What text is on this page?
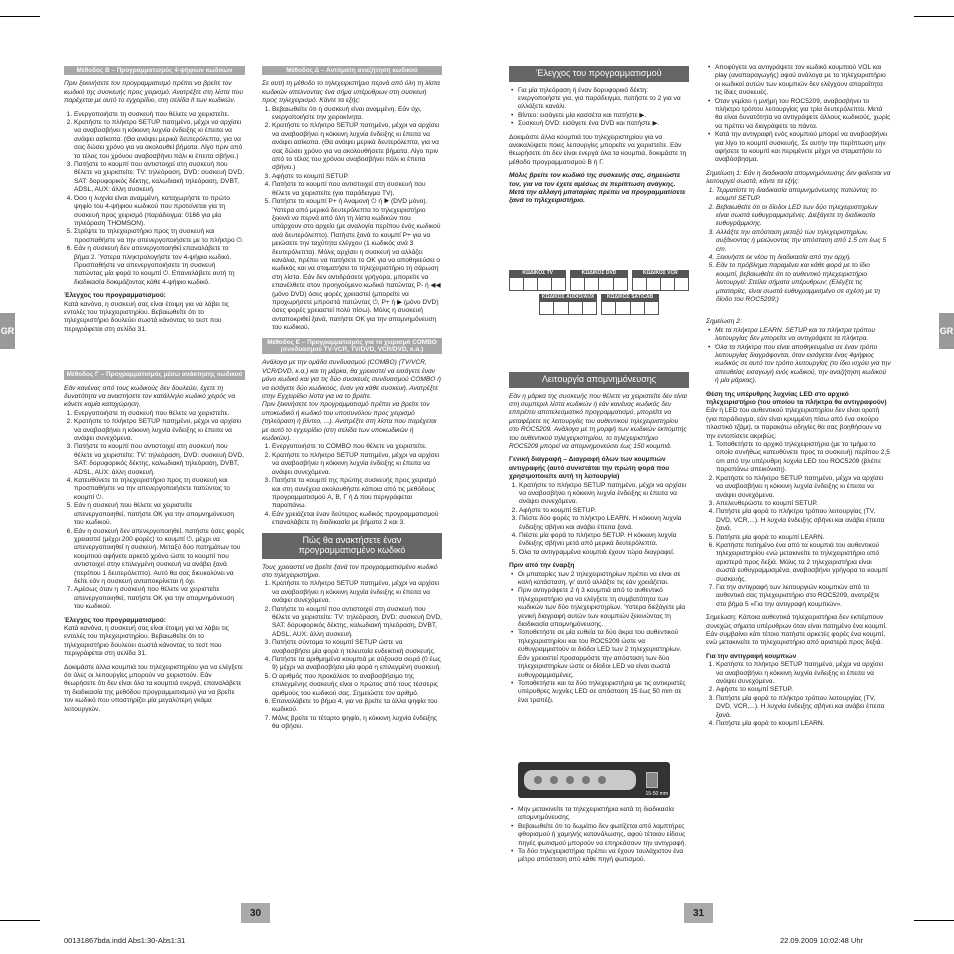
GR	GR
Μέθοδος Β – Προγραμματισμός 4-ψήφιων κωδικών

Πριν ξεκινήσετε τον προγραμματισμό πρέπει να βρείτε τον κωδικό της συσκευής προς χειρισμό. Ανατρέξτε στη λίστα που παρέχεται με αυτό το εγχειρίδιο, στη σελίδα Il των κωδικών.

1. Ενεργοποιήστε τη συσκευή που θέλετε να χειριστείτε.
2. Κρατήστε το πλήκτρο SETUP πατημένο, μέχρι να αρχίσει να αναβοσβήνει η κόκκινη λυχνία ένδειξης κι έπειτα να ανάψει ασίκοπα. (Θα ανάψει μερικά δευτερόλεπτα, για να σας δώσει χρόνο για να ακολουθεί βήματα. Λίγο πριν από το τέλος του χρόνου αναβοσβήνει πάλι κι έπειτα σβήνει.)
3. Πατήστε το κουμπί που αντιστοιχεί στη συσκευή που θέλετε να χειριστείτε: TV: τηλεόραση, DVD: συσκευή DVD, SAT: δορυφορικός δέκτης, καλωδιακή τηλεόραση, DVBT, ADSL, AUX: άλλη συσκευή.
4. Όσο η λυχνία είναι αναμμένη, καταχωρήστε το πρώτο ψηφίο του 4-ψήφιου κωδικού που προτείνεται για τη συσκευή προς χειρισμό (παράδειγμα: 0166 για μία τηλεόραση THOMSON).
5. Στρέψτε το τηλεχειριστήριο προς τη συσκευή και προσπαθήστε να την απενεργοποιήσετε με το πλήκτρο ⏻.
6. Εάν η συσκευή δεν απενεργοποιηθεί επαναλάβετε το βήμα 2. Ύστερα πληκτρολογήστε τον 4-ψήφιο κωδικό. Προσπαθήστε να απενεργοποιήσετε τη συσκευή πατώντας μία φορά το κουμπί ⏻. Επαναλάβετε αυτή τη διαδικασία δοκιμάζοντας κάθε 4-ψήφιο κωδικό.

Έλεγχος του προγραμματισμού:

Κατά κανόνα, η συσκευή σας είναι έτοιμη για να λάβει τις εντολές του τηλεχειριστηρίου. Βεβαιωθείτε ότι το τηλεχειριστήριο δουλεύει σωστά κάνοντας το τεστ που περιγράφεται στη σελίδα 31.

Μέθοδος Γ – Προγραμματισμός μέσω ανάκτησης κωδικού

Εάν κανένας από τους κωδικούς δεν δουλεύει, έχετε τη δυνατότητα να αναστήσετε τον κατάλληλο κωδικό χειρός να κάνετε καμία καταχώρηση.

1. Ενεργοποιήστε τη συσκευή που θέλετε να χειριστείτε.
2. Κρατήστε το πλήκτρο SETUP πατημένο, μέχρι να αρχίσει να αναβοσβήνει η κόκκινη λυχνία ένδειξης κι έπειτα να ανάψει συνεχόμενα.
3. Πατήστε το κουμπί που αντιστοιχεί στη συσκευή που θέλετε να χειριστείτε: TV: τηλεόραση, DVD: συσκευή DVD, SAT: δορυφορικός δέκτης, καλωδιακή τηλεόραση, DVBT, ADSL, AUX: άλλη συσκευή.
4. Κατευθύνετε το τηλεχειριστήριο προς τη συσκευή και προσπαθήστε να την απενεργοποιήσετε πατώντας το κουμπί ⏻.
5. Εάν η συσκευή που θέλετε να χειριστείτε απενεργοποιηθεί, πατήστε OK για την απομνημόνευση του κωδικού.
6. Εάν η συσκευή δεν απενεργοποιηθεί, πατήστε όσες φορές χρειαστεί (μέχρι 200 φορές) το κουμπί ⏻, μέχρι να απενεργοποιηθεί η συσκευή. Μεταξύ δύο πατημάτων του κουμπιού αφήνετε αρκετό χρόνο ώστε το κουμπί που αντιστοιχεί στην επιλεγμένη συσκευή να ανάβει ξανά (περίπου 1 δευτερόλεπτο). Αυτό θα σας διευκολύνει να δείτε εάν η συσκευή ανταποκρίνεται ή όχι.
7. Αμέσως όταν η συσκευή που θέλετε να χειριστείτε απενεργοποιηθεί, πατήστε OK για την απομνημόνευση του κωδικού.

Έλεγχος του προγραμματισμού:

Κατά κανόνα, η συσκευή σας είναι έτοιμη για να λάβει τις εντολές του τηλεχειριστηρίου. Βεβαιωθείτε ότι το τηλεχειριστήριο δουλεύει σωστά κάνοντας το τεστ που περιγράφεται στη σελίδα 31.

Δοκιμάστε άλλα κουμπιά του τηλεχειριστηρίου για να ελέγξετε ότι όλες οι λειτουργίες μπορούν να χειριστούν. Εάν θεωρήσετε ότι δεν είναι όλα τα κουμπιά ενεργά, επαναλάβετε τη διαδικασία της μεθόδου προγραμματισμού για να βρείτε τον κωδικό που υποστηρίζει μία μεγαλύτερη γκάμα λειτουργιών.

Μέθοδος Δ – Αυτόματη αναζήτηση κωδικού

Σε αυτή τη μέθοδο το τηλεχειριστήριο περνά από όλη τη λίστα κωδικών απελνοντας ένα σήμα υπέρυθρων στη συσκευή προς τηλεχειρισμό. Κάντε τα εξής:

1. Βεβαιωθείτε ότι η συσκευή είναι αναμμένη. Εάν όχι, ενεργοποιήστε την χειροκίνητα.
2. Κρατήστε το πλήκτρο SETUP πατημένο, μέχρι να αρχίσει να αναβοσβήνει η κόκκινη λυχνία ένδειξης κι έπειτα να ανάψει ασίκοπα. (Θα ανάψει μερικά δευτερόλεπτα, για να σας δώσει χρόνο για να ακολουθήσετε βήματα. Λίγο πριν από το τέλος του χρόνου αναβοσβήνει πάλι κι έπειτα σβήνει.)
3. Αφήστε το κουμπί SETUP.
4. Πατήστε το κουμπί που αντιστοιχεί στη συσκευή που θέλετε να χειριστείτε (για παράδειγμα TV).
5. Πατήστε το κουμπί P+ ή Αναμονή ⏻ ή ▶ (DVD μόνο). Ύστερα από μερικά δευτερόλεπτα το τηλεχειριστήριο ξεκινά να περνά από όλη τη λίστα κωδικών που υπάρχουν στο αρχείο (με αναλογία περίπου ένός κωδικού ανά δευτερόλεπτο). Πατήστε ξανά το κουμπί P+ για να μειώσετε την ταχύτητα ελέγχου (1 κωδικός ανά 3 δευτερόλεπτα). Μόλις αρχίσει η συσκευή να αλλάζει κανάλια, πρέπει να πατήσετε το OK για να αποθηκεύσει ο κωδικός και να σταματήσει το τηλεχειριστήριο τη σάρωση στη λίστα. Εάν δεν αντιδράσετε γρήγορα, μπορείτε να επανέλθετε στον προηγούμενο κωδικό πατώντας P- ή ◀◀ (μόνο DVD) όσες φορές χρειαστεί (μπορείτε να προχωρήσετε μπροστά πατώντας ⏻, P+ ή ▶ (μόνο DVD) όσες φορές χρειαστεί πολύ πίσω). Μόλις η συσκευή ανταποκριθεί ξανά, πατήστε OK για την απομνημόνευση του κωδικού.
Μέθοδος Ε – Προγραμματισμός για το χειρισμό COMBO (συνδυασμού TV-VCR, TV/DVD, VCR/DVD, κ.α.)

Ανάλογα με την ομάδα συνδυασμού (COMBO) (TV/VCR, VCR/DVD, κ.α.) και τη μάρκα, θα χρειαστεί να εισάγετε έναν μόνο κωδικό και για τις δύο συσκευές συνδυασμού COMBO ή να εισάγετε δύο κωδικούς, έναν για κάθε συσκευή. Ανατρέξτε στην Εγχειρίδιο λίστα για να το βρείτε.

Πριν ξεκινήσετε τον προγραμματισμό πρέπει να βρείτε τον υποκωδικό ή κωδικό του υποσυνόλου προς χειρισμό (τηλεόραση ή βίντεο, ...). Ανατρέξτε στη λίστα που παρέχεται με αυτό το εγχειρίδιο (στη σελίδα των υποκωδικών ή κωδικών).

1. Ενεργοποιήστε το COMBO που θέλετε να χειριστείτε.
2. Κρατήστε το πλήκτρο SETUP πατημένο, μέχρι να αρχίσει να αναβοσβήνει η κόκκινη λυχνία ένδειξης κι έπειτα να ανάψει συνεχόμενα.
3. Πατήστε το κουμπί της πρώτης συσκευής προς χειρισμό και στη συνέχεια ακολουθήστε κάποια από τις μεθόδους προγραμματισμού A, B, Γ ή Δ που περιγράφεται παραπάνω.
4. Εάν χρειάζεται έναν δεύτερος κωδικός προγραμματισμού επαναλάβετε τη διαδικασία με βήματα 2 και 3.
Πώς θα ανακτήσετε έναν προγραμματισμένο κωδικό

Τους χρειαστεί να βρείτε ξανά τον προγραμματισμένο κωδικό στο τηλεχειριστήριο.

1. Κρατήστε το πλήκτρο SETUP πατημένο, μέχρι να αρχίσει να αναβοσβήνει η κόκκινη λυχνία ένδειξης κι έπειτα να ανάψει συνεχόμενα.
2. Πατήστε το κουμπί που αντιστοιχεί στη συσκευή που θέλετε να χειριστείτε: TV: τηλεόραση, DVD: συσκευή DVD, SAT: δορυφορικός δέκτης, καλωδιακή τηλεόραση, DVBT, ADSL, AUX: άλλη συσκευή.
3. Πατήστε σύντομα το κουμπί SETUP ώστε να αναβοσβήσει μία φορά η τελευταία ενδεικτική συσκευής.
4. Πατήστε τα αριθμημένα κουμπιά με αύξουσα σειρά (0 έως 9) μέχρι να αναβοσβήσει μία φορά η επιλεγμένη συσκευή.
5. Ο αριθμός που προκάλεσε το αναβοσβήσιμο της επιλεγμένης συσκευής είναι ο πρώτος από τους τέσσερις αριθμούς του κωδικού σας. Σημειώστε τον αριθμό.
6. Επαναλάβετε το βήμα 4, για να βρείτε τα άλλα ψηφία του κωδικού.
7. Μόλις βρείτε το τέταρτο ψηφίο, η κόκκινη λυχνία ένδειξης θα σβήσει.
30
Έλεγχος του προγραμματισμού
• Για μία τηλεόραση ή έναν δορυφορικό δέκτη: ενεργοποιήστε για, για παράδειγμα, πατήστε το 2 για να αλλάξετε κανάλι.
• Βίντεο: εισάγετε μία κασσέτα και πατήστε ▶.
• Συσκευή DVD: εισάγετε ένα DVD και πατήστε ▶.

Δοκιμάστε άλλα κουμπιά του τηλεχειριστηρίου για να ανακαλύψετε ποιες λειτουργίες μπορείτε να χειριστείτε. Εάν θεωρήσετε ότι δεν είναι ενεργά όλα τα κουμπιά, δοκιμάστε τη μέθοδο προγραμματισμού Β ή Γ.

Μόλις βρείτε τον κωδικό της συσκευής σας, σημειώστε τον, για να τον έχετε αμέσως σε περίπτωση ανάγκης. Μετά την αλλαγή μπαταρίας πρέπει να προγραμματίσετε ξανά το τηλεχειριστήριο.

ΚΩΔΙΚΟΣ TV	ΚΩΔΙΚΟΣ DVD	ΚΩΔΙΚΟΣ VCR
ΚΩΔΙΚΟΣ AUDIO/AUX	ΚΩΔΙΚΟΣ SAT/CAB
Λειτουργία απομνημόνευσης

Εάν η μάρκα της συσκευής που θέλετε να χειριστείτε δεν είναι στη συμπεριλ λίστα κωδικών ή εάν κανένας κωδικός δεν επιτρέπει αποτελεσματικό προγραμματισμό, μπορείτε να μεταφέρετε τις λειτουργίες του αυθεντικού τηλεχειριστηρίου στο ROC5209. Ανάλογα με τη μορφή των κωδικών εκπομπής του αυθεντικού τηλεχειριστηρίου, το τηλεχειριστήριο ROC5209 μπορεί να απομνημονεύσει έως 150 κουμπιά.

Γενική διαγραφή – Διαγραφή όλων των κουμπιών αντιγραφής (αυτό συνιστάται την πρώτη φορά που χρησιμοποιείτε αυτή τη λειτουργία)

1. Κρατήστε το πλήκτρο SETUP πατημένο, μέχρι να αρχίσει να αναβοσβήνει η κόκκινη λυχνία ένδειξης κι έπειτα να ανάψει συνεχόμενα.
2. Αφήστε το κουμπί SETUP.
3. Πιέστε δύο φορές το πλήκτρο LEARN. Η κόκκινη λυχνία ένδειξης σβήνει και ανάβει έπειτα ξανά.
4. Πιέστε μία φορά το πλήκτρο SETUP. Η κόκκινη λυχνία ένδειξης σβήνει μετά από μερικά δευτερόλεπτα.
5. Όλα τα αντιγραμμένα κουμπιά έχουν τώρα διαγραφεί.

Πριν από την έναρξη

• Οι μπαταρίες των 2 τηλεχειριστηρίων πρέπει να είναι σε καλή κατάσταση, γι' αυτό αλλάξτε τις εάν χρειάζεται.
• Πριν αντιγράψετε 2 ή 3 κουμπιά από το αυθεντικό τηλεχειριστήριο για να ελέγξετε τη συμβατότητα των κωδικών των δύο τηλεχειριστηρίων. Ύστερα διεξάγετε μία γενική διαγραφή αυτών των κουμπιών ξεκινώντας τη διαδικασία απομνημόνευσης.
• Τοποθετήστε σε μία ευθεία τα δύο άκρα του αυθεντικού τηλεχειριστηρίου και του ROC5209 ώστε να ευθυγραμμιστούν οι διόδοι LED των 2 τηλεχειριστηρίων. Εάν χρειαστεί προσαρμόστε την απόσταση των δύο τηλεχειριστηρίων ώστε οι δίοδοι LED να είναι σωστά ευθυγραμμισμένες.
• Τοποθετήστε και τα δύο τηλεχειριστήρια με τις αντικριστές υπέρυθρες λυχνίες LED σε απόσταση 15 έως 50 mm σε ένα τραπέζι.
15-50 mm
• Μην μετακινείτε τα τηλεχειριστήρια κατά τη διαδικασία απομνημόνευσης.
• Βεβαιωθείτε ότι το δωμάτιο δεν φωτίζεται από λαμπτήρες φθορισμού ή χαμηλής κατανάλωσης, αφού τέτοιου είδους πηγές φωτισμού μπορούν να επηρεάσουν την αντιγραφή.
• Τα δύο τηλεχειριστήρια πρέπει να έχουν τουλάχιστον ένα μέτρο απόσταση από κάθε πηγή φωτισμού.
• Αποφύγετε να αντιγράψετε τον κωδικό κουμπιού VOL και play (αναπαραγωγής) αφού ανάλογα με το τηλεχειριστήριο οι κωδικοί αυτών των κουμπιών δεν ελέγχουν απαραίτητα τις ίδιες συσκευές.
• Όταν γεμίσει η μνήμη του ROC5209, αναβοσβήνει το πλήκτρο τρόπου λειτουργίας για τρία δευτερόλεπτα. Μετά θα είναι δυνατότητα να αντιγράψετε άλλους κωδικούς, χωρίς να πρέπει να διαγράψετε τα πάντα.
• Κατά την αντιγραφή ενός κουμπιού μπορεί να αναβοσβήνει για λίγο το κουμπί συσκευής. Σε αυτήν την περίπτωση μην αφήσετε το κουμπί και περιμένετε μέχρι να σταματήσει το αναβόσβησμα.

Σημείωση 1: Εάν η διαδικασία απομνημόνευσης δεν φαίνεται να λειτουργεί σωστά, κάντε τα εξής:

1. Τερματίστε τη διαδικασία απομνημόνευσης πατώντας το κουμπί SETUP.
2. Βεβαιωθείτε ότι οι δίοδοι LED των δύο τηλεχειριστηρίων είναι σωστά ευθυγραμμισμένες. Διεξάγετε τη διαδικασία ευθυγράμμισης.
3. Αλλάξτε την απόσταση μεταξύ των τηλεχειριστηρίων, αυξάνοντας ή μειώνοντας την απόσταση από 1.5 cm έως 5 cm.
4. Ξεκινήστε εκ νέου τη διαδικασία από την αρχή.
5. Εάν το πρόβλημα παραμένει και κάθε φορά με το ίδιο κουμπί, βεβαιωθείτε ότι το αυθεντικό τηλεχειριστήριο λειτουργεί: Στείλει σήματα υπέρυθρων; (Ελέγξτε τις μπαταρίες, είναι σωστά ευθυγραμμισμένο σε σχέση με τη δίοδο του ROC5209;)

Σημείωση 2:

• Με τα πλήκτρα LEARN. SETUP και τα πλήκτρα τρόπου λειτουργίας δεν μπορείτε να αντιγράψετε τα πλήκτρα.
• Όλα τα πλήκτρα που είναι αποθηκευμένα σε έναν τρόπο λειτουργίας διαγράφονται, όταν εισάγεται ένας 4ψήφιος κωδικός σε αυτό τον τρόπο λειτουργίας (το ίδιο ισχύει για την απευθείας εισαγωγή ενός κωδικού, την αναζήτηση κωδικού ή μία μάρκας).

Θέση της υπέρυθρης λυχνίας LED στο αρχικό τηλεχειριστήριο (του οποίου τα πλήκτρα θα αντιγραφούν)

Εάν η LED του αυθεντικού τηλεχειριστηρίου δεν είναι ορατή (για παράδειγμα, εάν είναι κρυμμένη πίσω από ένα σκούρο πλαστικό τζάμι), οι παρακάτω οδηγίες θα σας βοηθήσουν να την εντοπίσετε ακριβώς:

1. Τοποθετήστε το αρχικό τηλεχειριστήριο (με το τμήμα το οποίο συνήθως κατευθύνετε προς το συσκευή) περίπου 2,5 cm από την υπέρυθρη λυχνία LED του ROC5209 (βλέπε παραπάνω απεικόνιση).
2. Κρατήστε το πλήκτρο SETUP πατημένο, μέχρι να αρχίσει να αναβοσβήνει η κόκκινη λυχνία ένδειξης κι έπειτα να ανάψει συνεχόμενα.
3. Απελευθερώστε το κουμπί SETUP.
4. Πατήστε μία φορά το πλήκτρο τρόπου λειτουργίας (TV, DVD, VCR,...). Η λυχνία ένδειξης σβήνει και ανάβει έπειτα ξανά.
5. Πατήστε μία φορά το κουμπί LEARN.
6. Κρατήστε πατημένο ένα από τα κουμπιά του αυθεντικού τηλεχειριστηρίου ενώ μετακινείτε το τηλεχειριστήριο από αριστερά προς δεξιά. Μόλις τα 2 τηλεχειριστήρια είναι σωστά ευθυγραμμισμένα, αναβοσβήνει γρήγορα το κουμπί συσκευής.
7. Για την αντιγραφή των λειτουργιών κουμπιών από το αυθεντικό σας τηλεχειριστήριο στο ROC5209, ανατρέξτε στο βήμα 5 «Για την αντιγραφή κουμπιών».

Σημείωση: Κάποια αυθεντικά τηλεχειριστήρια δεν εκπέμπουν συνεχώς σήματα υπέρυθρων όταν είναι πατημένο ένα κουμπί. Εάν συμβαίνει κάτι τέτοιο πατήστε αρκετές φορές ένα κουμπί, ενώ μετακινείτε το τηλεχειριστήριο από αριστερά προς δεξιά.

Για την αντιγραφή κουμπιών

1. Κρατήστε το πλήκτρο SETUP πατημένο, μέχρι να αρχίσει να αναβοσβήνει η κόκκινη λυχνία ένδειξης κι έπειτα να ανάψει συνεχόμενα.
2. Αφήστε το κουμπί SETUP.
3. Πατήστε μία φορά το πλήκτρο τρόπου λειτουργίας (TV, DVD, VCR,...). Η λυχνία ένδειξης σβήνει και ανάβει έπειτα ξανά.
4. Πατήστε μία φορά το κουμπί LEARN.
31
00131867bda.indd Abs1:30-Abs1:31	22.09.2009 10:02:48 Uhr
